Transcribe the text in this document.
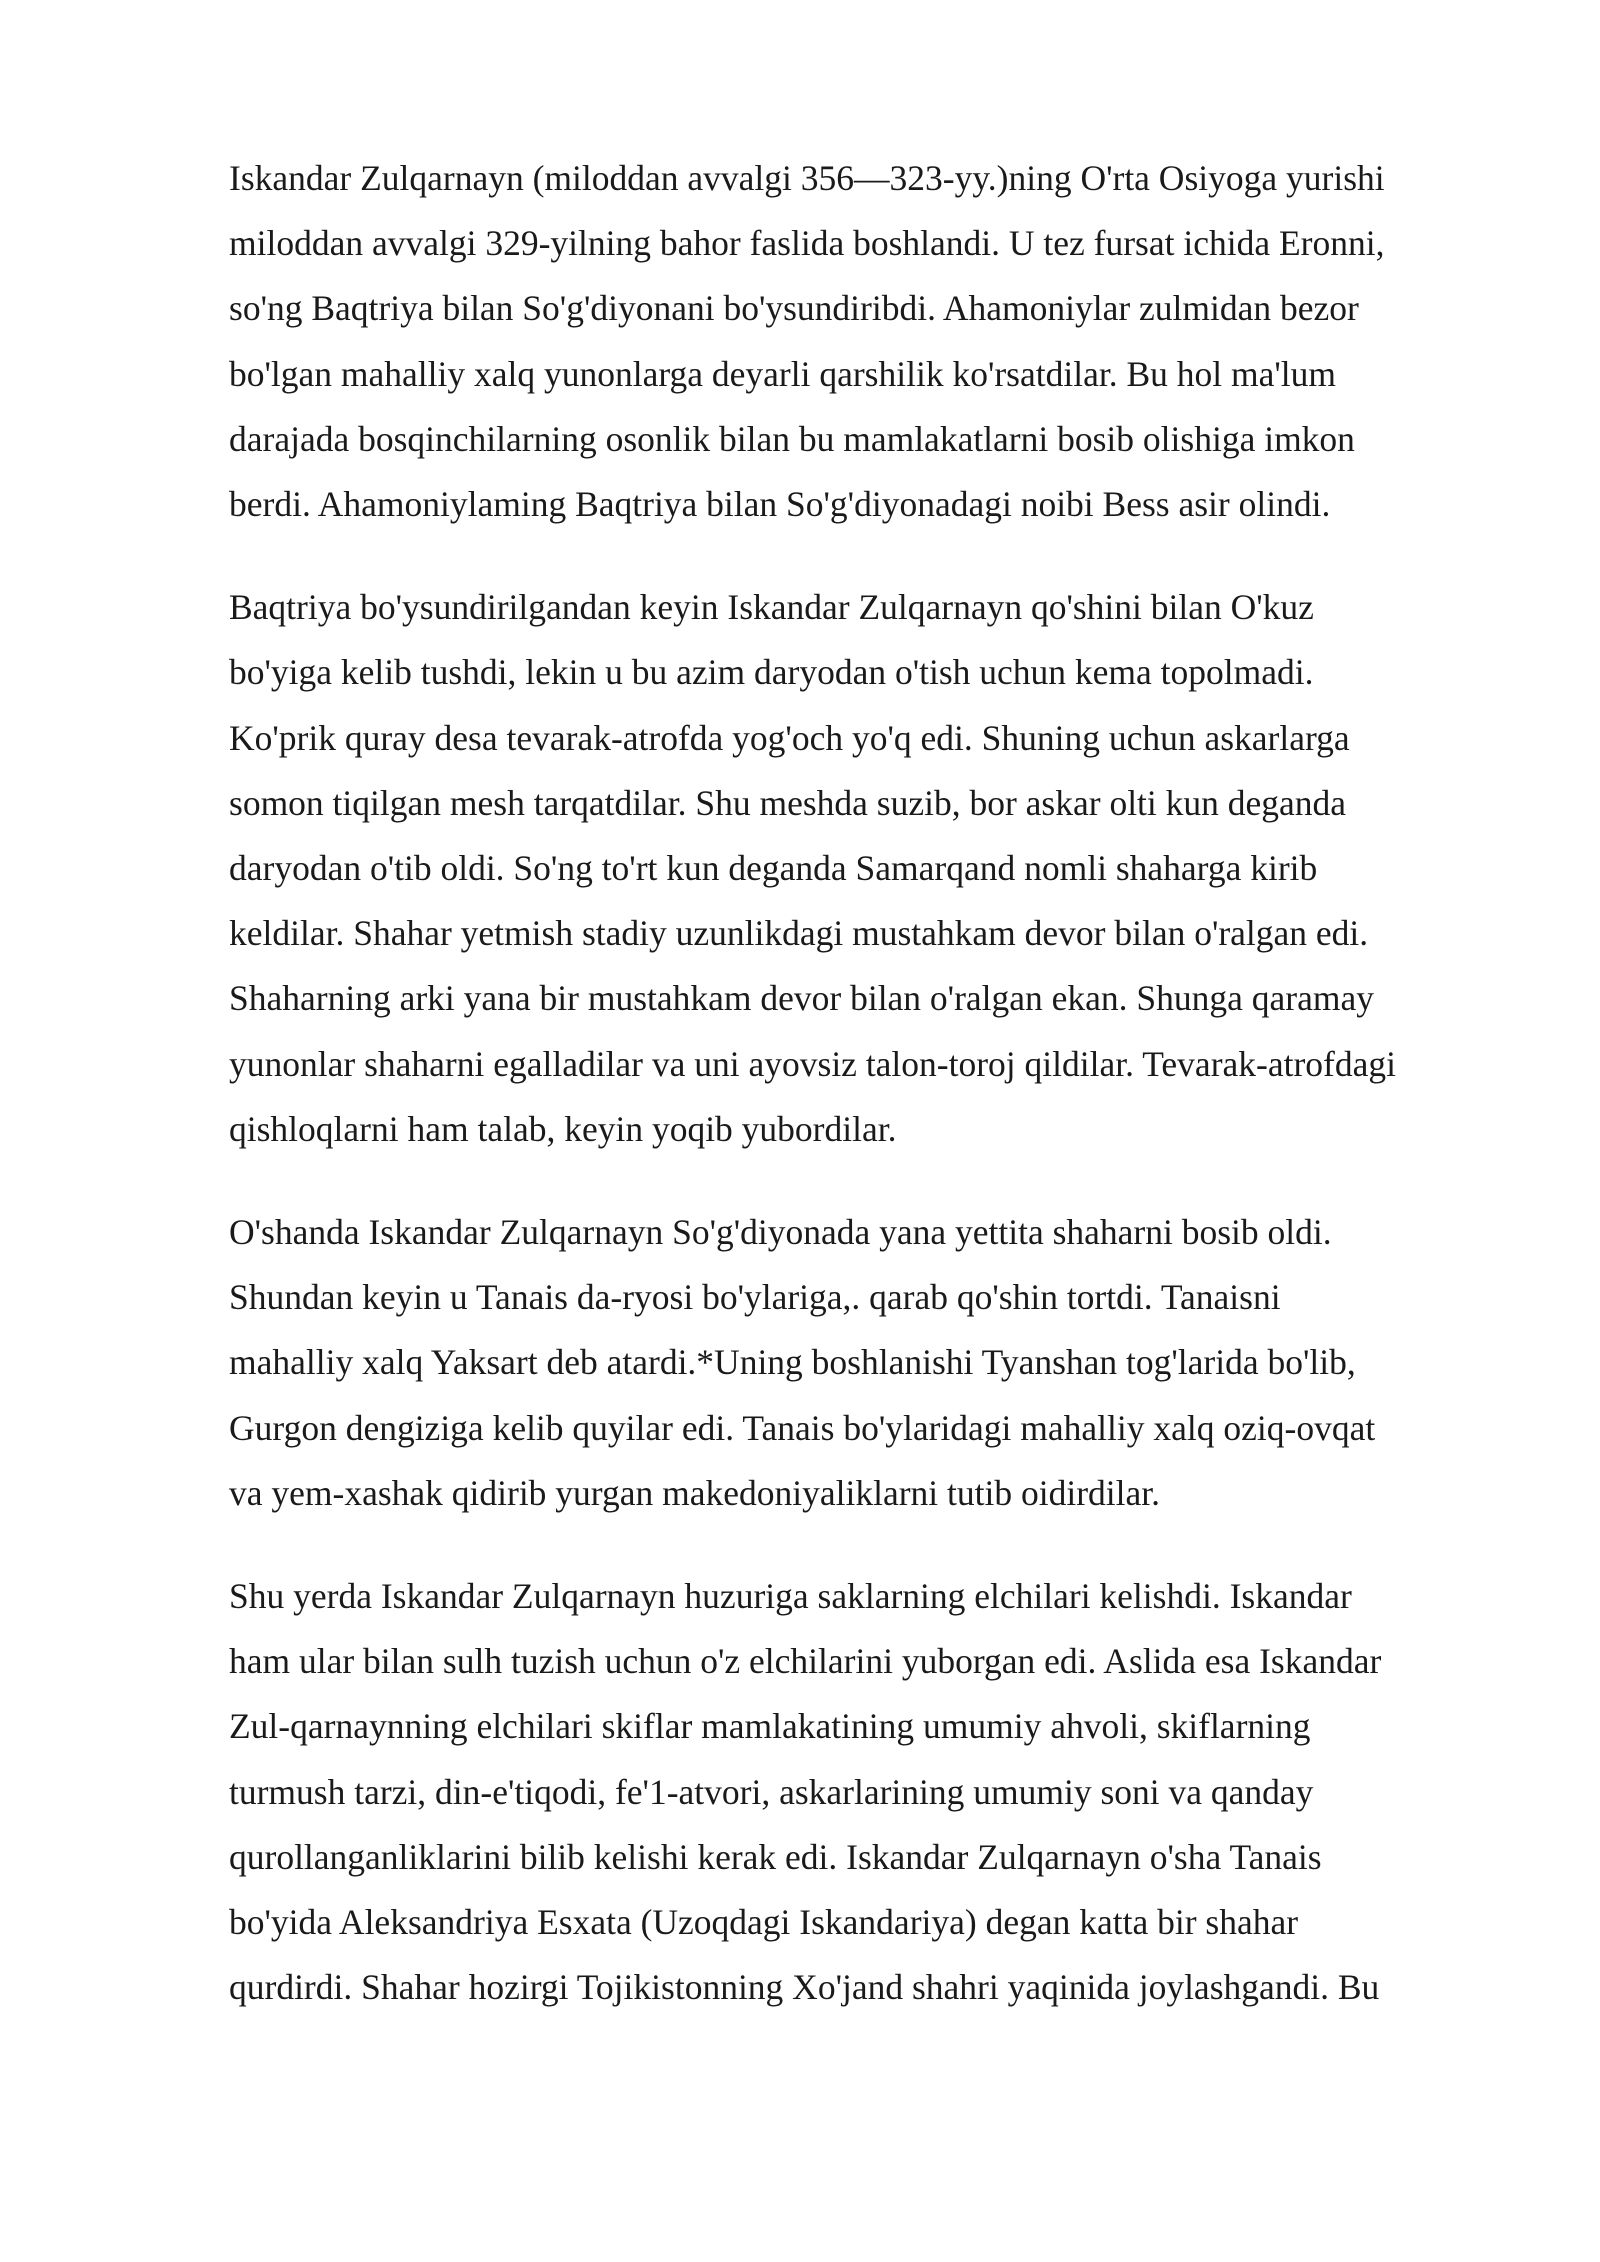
Iskandar Zulqarnayn (miloddan avvalgi 356—323-yy.)ning O'rta Osiyoga yurishi
miloddan avvalgi 329-yilning bahor faslida boshlandi. U tez fursat ichida Eronni,
so'ng Baqtriya bilan So'g'diyonani bo'ysundiribdi. Ahamoniylar zulmidan bezor
bo'lgan mahalliy xalq yunonlarga deyarli qarshilik ko'rsatdilar. Bu hol ma'lum
darajada bosqinchilarning osonlik bilan bu mamlakatlarni bosib olishiga imkon
berdi. Ahamoniylaming Baqtriya bilan So'g'diyonadagi noibi Bess asir olindi.

Baqtriya bo'ysundirilgandan keyin Iskandar Zulqarnayn qo'shini bilan O'kuz
bo'yiga kelib tushdi, lekin u bu azim daryodan o'tish uchun kema topolmadi.
Ko'prik quray desa tevarak-atrofda yog'och yo'q edi. Shuning uchun askarlarga
somon tiqilgan mesh tarqatdilar. Shu meshda suzib, bor askar olti kun deganda
daryodan o'tib oldi. So'ng to'rt kun deganda Samarqand nomli shaharga kirib
keldilar. Shahar yetmish stadiy uzunlikdagi mustahkam devor bilan o'ralgan edi.
Shaharning arki yana bir mustahkam devor bilan o'ralgan ekan. Shunga qaramay
yunonlar shaharni egalladilar va uni ayovsiz talon-toroj qildilar. Tevarak-atrofdagi
qishloqlarni ham talab, keyin yoqib yubordilar.

O'shanda Iskandar Zulqarnayn So'g'diyonada yana yettita shaharni bosib oldi.
Shundan keyin u Tanais da-ryosi bo'ylariga,. qarab qo'shin tortdi. Tanaisni
mahalliy xalq Yaksart deb atardi.*Uning boshlanishi Tyanshan tog'larida bo'lib,
Gurgon dengiziga kelib quyilar edi. Tanais bo'ylaridagi mahalliy xalq oziq-ovqat
va yem-xashak qidirib yurgan makedoniyaliklarni tutib oidirdilar.

Shu yerda Iskandar Zulqarnayn huzuriga saklarning elchilari kelishdi. Iskandar
ham ular bilan sulh tuzish uchun o'z elchilarini yuborgan edi. Aslida esa Iskandar
Zul-qarnaynning elchilari skiflar mamlakatining umumiy ahvoli, skiflarning
turmush tarzi, din-e'tiqodi, fe'1-atvori, askarlarining umumiy soni va qanday
qurollanganliklarini bilib kelishi kerak edi. Iskandar Zulqarnayn o'sha Tanais
bo'yida Aleksandriya Esxata (Uzoqdagi Iskandariya) degan katta bir shahar
qurdirdi. Shahar hozirgi Tojikistonning Xo'jand shahri yaqinida joylashgandi. Bu
